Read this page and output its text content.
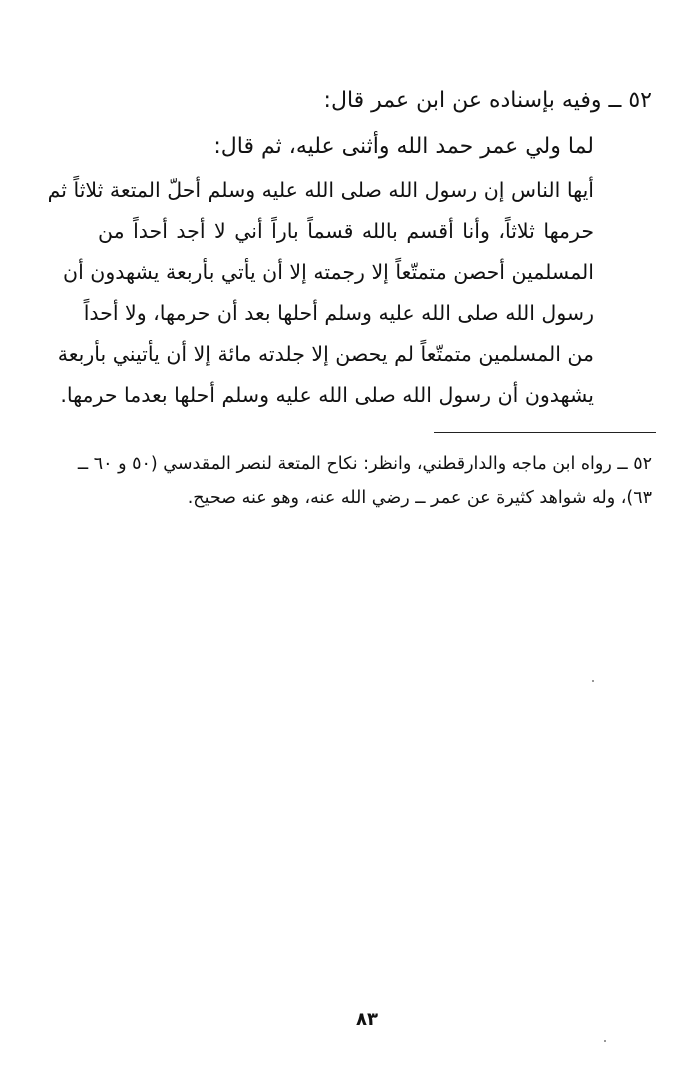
٥٢ ــ وفيه بإسناده عن ابن عمر قال:
لما ولي عمر حمد الله وأثنى عليه، ثم قال:
أيها الناس إن رسول الله صلى الله عليه وسلم أحلّ المتعة ثلاثاً ثم
حرمها ثلاثاً، وأنا أقسم بالله قسماً باراً أني لا أجد أحداً من
المسلمين أحصن متمتّعاً إلا رجمته إلا أن يأتي بأربعة يشهدون أن
رسول الله صلى الله عليه وسلم أحلها بعد أن حرمها، ولا أحداً
من المسلمين متمتّعاً لم يحصن إلا جلدته مائة إلا أن يأتيني بأربعة
يشهدون أن رسول الله صلى الله عليه وسلم أحلها بعدما حرمها.
٥٢ ــ رواه ابن ماجه والدارقطني، وانظر: نكاح المتعة لنصر المقدسي (٥٠ و ٦٠ ــ
٦٣)، وله شواهد كثيرة عن عمر ــ رضي الله عنه، وهو عنه صحيح.
٨٣
